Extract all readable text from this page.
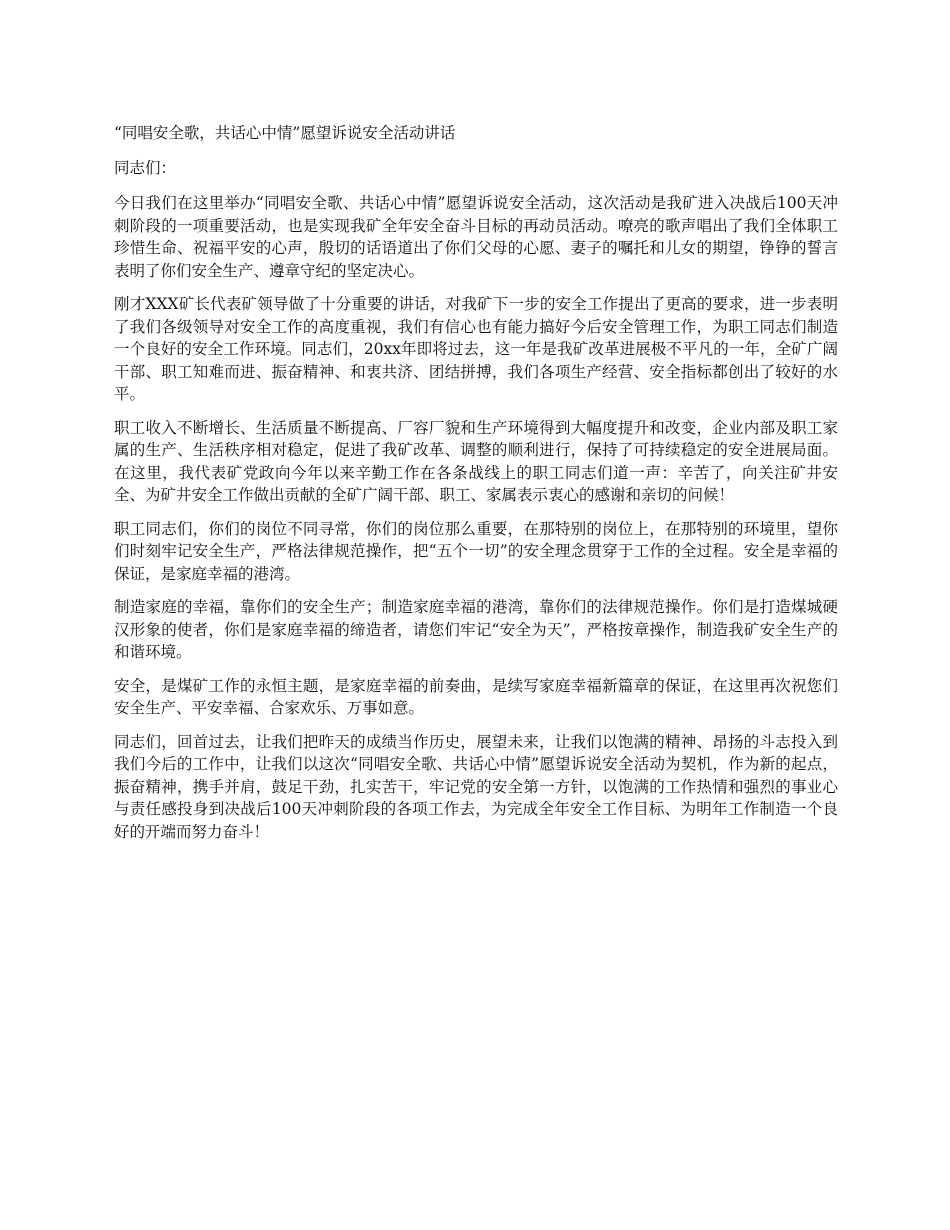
“同唱安全歌，共话心中情”愿望诉说安全活动讲话

同志们：

今日我们在这里举办“同唱安全歌、共话心中情”愿望诉说安全活动，这次活动是我矿进入决战后100天冲刺阶段的一项重要活动，也是实现我矿全年安全奋斗目标的再动员活动。嘹亮的歌声唱出了我们全体职工珍惜生命、祝福平安的心声，殷切的话语道出了你们父母的心愿、妻子的嘱托和儿女的期望，铮铮的誓言表明了你们安全生产、遵章守纪的坚定决心。

刚才XXX矿长代表矿领导做了十分重要的讲话，对我矿下一步的安全工作提出了更高的要求，进一步表明了我们各级领导对安全工作的高度重视，我们有信心也有能力搞好今后安全管理工作，为职工同志们制造一个良好的安全工作环境。同志们，20xx年即将过去，这一年是我矿改革进展极不平凡的一年，全矿广阔干部、职工知难而进、振奋精神、和衷共济、团结拼搏，我们各项生产经营、安全指标都创出了较好的水平。

职工收入不断增长、生活质量不断提高、厂容厂貌和生产环境得到大幅度提升和改变，企业内部及职工家属的生产、生活秩序相对稳定，促进了我矿改革、调整的顺利进行，保持了可持续稳定的安全进展局面。在这里，我代表矿党政向今年以来辛勤工作在各条战线上的职工同志们道一声：辛苦了，向关注矿井安全、为矿井安全工作做出贡献的全矿广阔干部、职工、家属表示衷心的感谢和亲切的问候！

职工同志们，你们的岗位不同寻常，你们的岗位那么重要，在那特别的岗位上，在那特别的环境里，望你们时刻牢记安全生产，严格法律规范操作，把“五个一切”的安全理念贯穿于工作的全过程。安全是幸福的保证，是家庭幸福的港湾。

制造家庭的幸福，靠你们的安全生产；制造家庭幸福的港湾，靠你们的法律规范操作。你们是打造煤城硬汉形象的使者，你们是家庭幸福的缔造者，请您们牢记“安全为天”，严格按章操作，制造我矿安全生产的和谐环境。

安全，是煤矿工作的永恒主题，是家庭幸福的前奏曲，是续写家庭幸福新篇章的保证，在这里再次祝您们安全生产、平安幸福、合家欢乐、万事如意。

同志们，回首过去，让我们把昨天的成绩当作历史，展望未来，让我们以饱满的精神、昂扬的斗志投入到我们今后的工作中，让我们以这次“同唱安全歌、共话心中情”愿望诉说安全活动为契机，作为新的起点，振奋精神，携手并肩，鼓足干劲，扎实苦干，牢记党的安全第一方针，以饱满的工作热情和强烈的事业心与责任感投身到决战后100天冲刺阶段的各项工作去，为完成全年安全工作目标、为明年工作制造一个良好的开端而努力奋斗！
